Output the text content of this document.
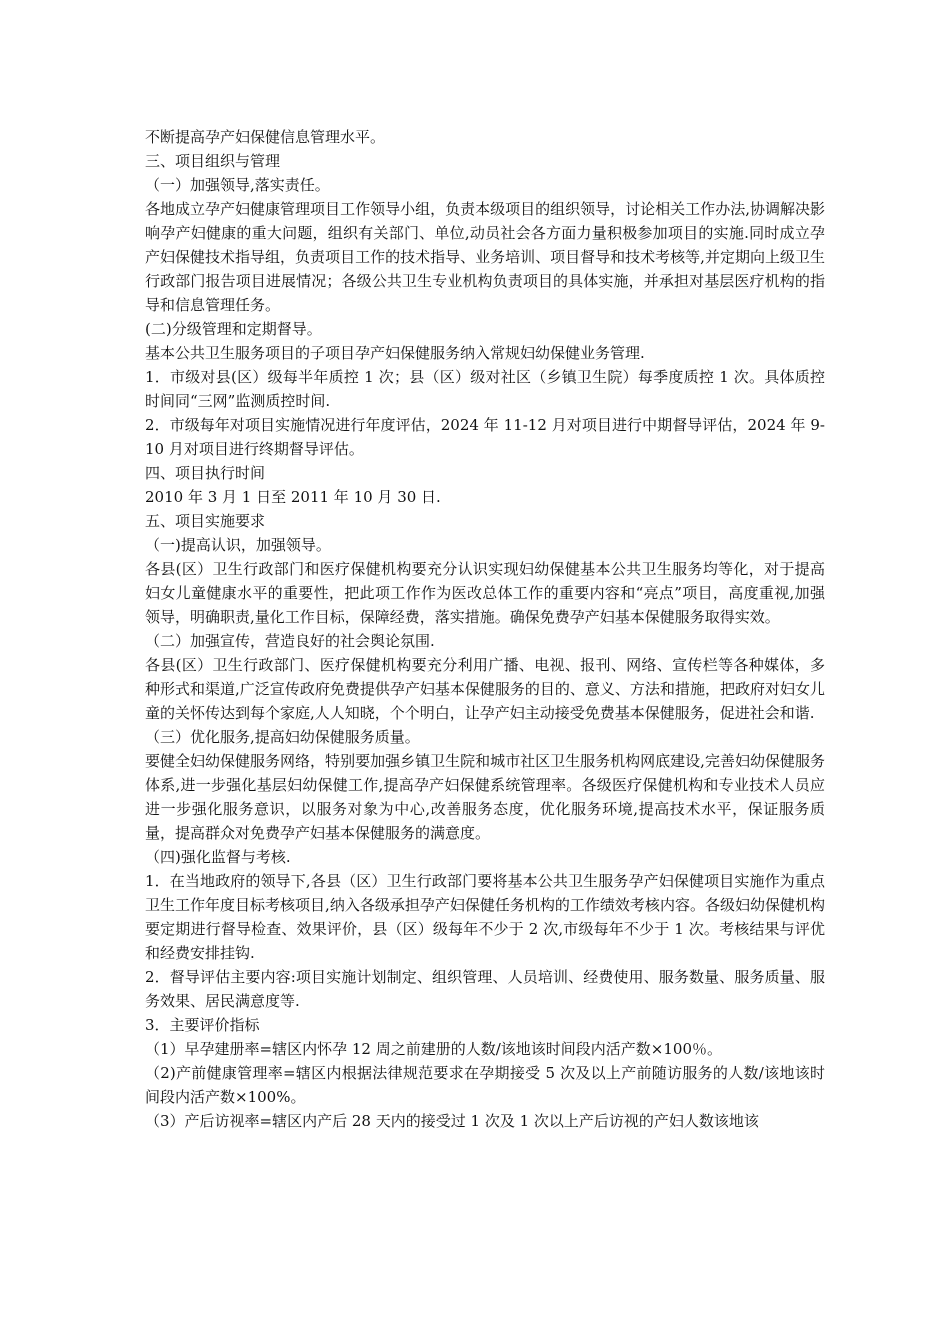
不断提高孕产妇保健信息管理水平。

三、项目组织与管理

（一）加强领导,落实责任。

各地成立孕产妇健康管理项目工作领导小组，负责本级项目的组织领导，讨论相关工作办法,协调解决影响孕产妇健康的重大问题，组织有关部门、单位,动员社会各方面力量积极参加项目的实施.同时成立孕产妇保健技术指导组，负责项目工作的技术指导、业务培训、项目督导和技术考核等,并定期向上级卫生行政部门报告项目进展情况；各级公共卫生专业机构负责项目的具体实施，并承担对基层医疗机构的指导和信息管理任务。

(二)分级管理和定期督导。

基本公共卫生服务项目的子项目孕产妇保健服务纳入常规妇幼保健业务管理.

1．市级对县(区）级每半年质控 1 次；县（区）级对社区（乡镇卫生院）每季度质控 1 次。具体质控时间同“三网”监测质控时间.

2．市级每年对项目实施情况进行年度评估，2024 年 11-12 月对项目进行中期督导评估，2024 年 9-10 月对项目进行终期督导评估。

四、项目执行时间

2010 年 3 月 1 日至 2011 年 10 月 30 日.

五、项目实施要求

（一)提高认识，加强领导。

各县(区）卫生行政部门和医疗保健机构要充分认识实现妇幼保健基本公共卫生服务均等化，对于提高妇女儿童健康水平的重要性，把此项工作作为医改总体工作的重要内容和“亮点”项目，高度重视,加强领导，明确职责,量化工作目标，保障经费，落实措施。确保免费孕产妇基本保健服务取得实效。

（二）加强宣传，营造良好的社会舆论氛围.

各县(区）卫生行政部门、医疗保健机构要充分利用广播、电视、报刊、网络、宣传栏等各种媒体，多种形式和渠道,广泛宣传政府免费提供孕产妇基本保健服务的目的、意义、方法和措施，把政府对妇女儿童的关怀传达到每个家庭,人人知晓，个个明白，让孕产妇主动接受免费基本保健服务，促进社会和谐.

（三）优化服务,提高妇幼保健服务质量。

要健全妇幼保健服务网络，特别要加强乡镇卫生院和城市社区卫生服务机构网底建设,完善妇幼保健服务体系,进一步强化基层妇幼保健工作,提高孕产妇保健系统管理率。各级医疗保健机构和专业技术人员应进一步强化服务意识，以服务对象为中心,改善服务态度，优化服务环境,提高技术水平，保证服务质量，提高群众对免费孕产妇基本保健服务的满意度。

（四)强化监督与考核.

1．在当地政府的领导下,各县（区）卫生行政部门要将基本公共卫生服务孕产妇保健项目实施作为重点卫生工作年度目标考核项目,纳入各级承担孕产妇保健任务机构的工作绩效考核内容。各级妇幼保健机构要定期进行督导检查、效果评价，县（区）级每年不少于 2 次,市级每年不少于 1 次。考核结果与评优和经费安排挂钩.

2．督导评估主要内容:项目实施计划制定、组织管理、人员培训、经费使用、服务数量、服务质量、服务效果、居民满意度等.

3．主要评价指标

（1）早孕建册率=辖区内怀孕 12 周之前建册的人数/该地该时间段内活产数×100％。

（2)产前健康管理率=辖区内根据法律规范要求在孕期接受 5 次及以上产前随访服务的人数/该地该时间段内活产数×100%。

（3）产后访视率=辖区内产后 28 天内的接受过 1 次及 1 次以上产后访视的产妇人数该地该
